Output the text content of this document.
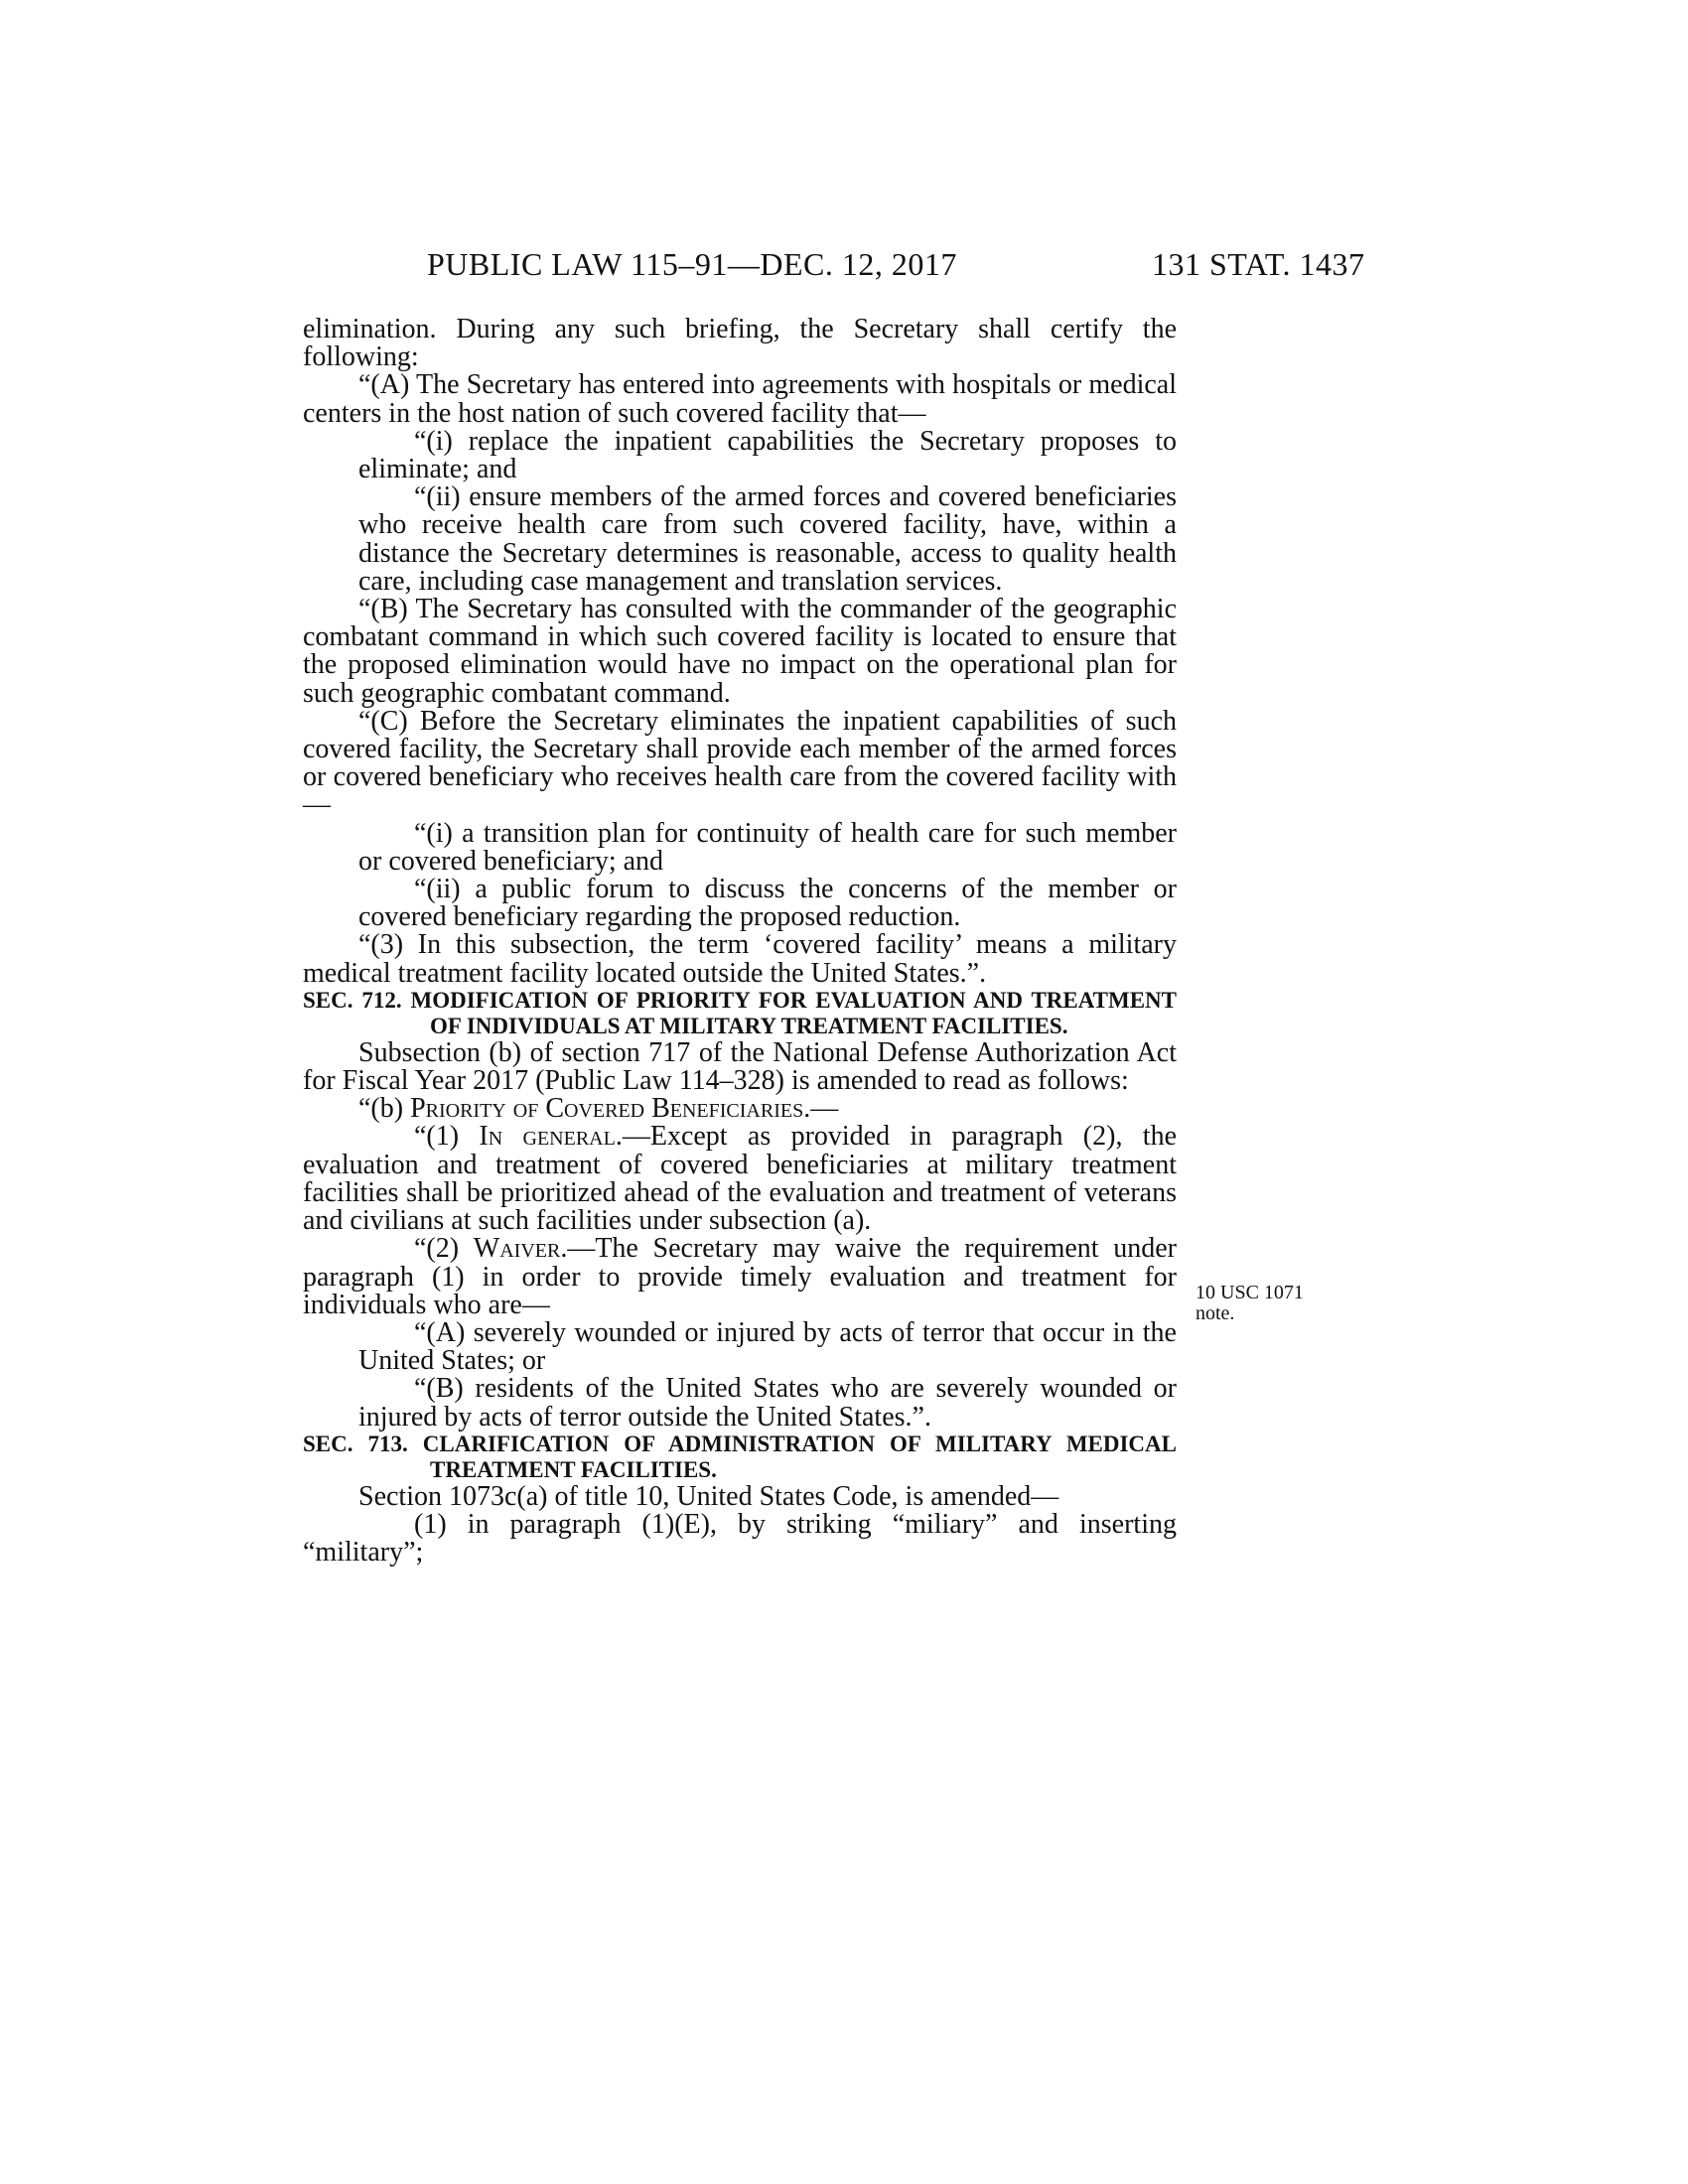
PUBLIC LAW 115–91—DEC. 12, 2017	131 STAT. 1437

elimination. During any such briefing, the Secretary shall certify the following:

“(A) The Secretary has entered into agreements with hospitals or medical centers in the host nation of such covered facility that—

“(i) replace the inpatient capabilities the Secretary proposes to eliminate; and

“(ii) ensure members of the armed forces and covered beneficiaries who receive health care from such covered facility, have, within a distance the Secretary determines is reasonable, access to quality health care, including case management and translation services.

“(B) The Secretary has consulted with the commander of the geographic combatant command in which such covered facility is located to ensure that the proposed elimination would have no impact on the operational plan for such geographic combatant command.

“(C) Before the Secretary eliminates the inpatient capabilities of such covered facility, the Secretary shall provide each member of the armed forces or covered beneficiary who receives health care from the covered facility with—

“(i) a transition plan for continuity of health care for such member or covered beneficiary; and

“(ii) a public forum to discuss the concerns of the member or covered beneficiary regarding the proposed reduction.

“(3) In this subsection, the term ‘covered facility’ means a military medical treatment facility located outside the United States.”.

SEC. 712. MODIFICATION OF PRIORITY FOR EVALUATION AND TREATMENT OF INDIVIDUALS AT MILITARY TREATMENT FACILITIES.

Subsection (b) of section 717 of the National Defense Authorization Act for Fiscal Year 2017 (Public Law 114–328) is amended to read as follows:

“(b) Priority of Covered Beneficiaries.—

“(1) In general.—Except as provided in paragraph (2), the evaluation and treatment of covered beneficiaries at military treatment facilities shall be prioritized ahead of the evaluation and treatment of veterans and civilians at such facilities under subsection (a).

“(2) Waiver.—The Secretary may waive the requirement under paragraph (1) in order to provide timely evaluation and treatment for individuals who are—

“(A) severely wounded or injured by acts of terror that occur in the United States; or

“(B) residents of the United States who are severely wounded or injured by acts of terror outside the United States.”.

SEC. 713. CLARIFICATION OF ADMINISTRATION OF MILITARY MEDICAL TREATMENT FACILITIES.

Section 1073c(a) of title 10, United States Code, is amended—

(1) in paragraph (1)(E), by striking “miliary” and inserting “military”;

10 USC 1071
note.
